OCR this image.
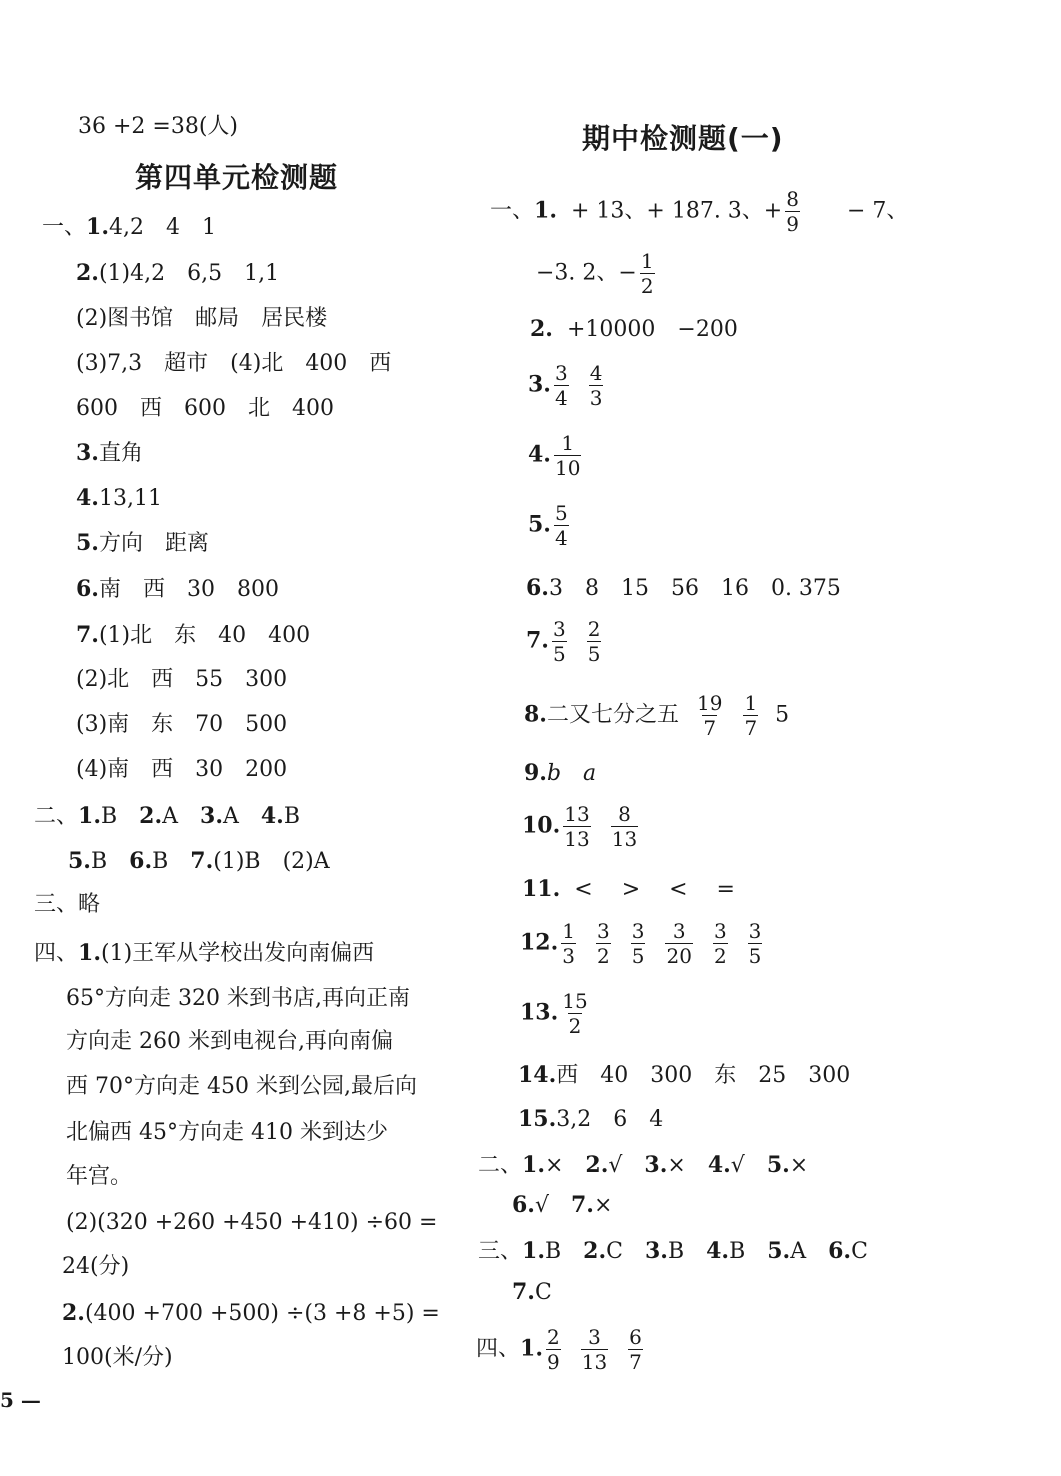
36 +2 =38(人)
第四单元检测题
一、1.4,2　4　1
2.(1)4,2　6,5　1,1
(2)图书馆　邮局　居民楼
(3)7,3　超市　(4)北　400　西
600　西　600　北　400
3.直角
4.13,11
5.方向　距离
6.南　西　30　800
7.(1)北　东　40　400
(2)北　西　55　300
(3)南　东　70　500
(4)南　西　30　200
二、1.B 2.A 3.A 4.B
5.B 6.B 7.(1)B　(2)A
三、略
四、1.(1)王军从学校出发向南偏西
65°方向走 320 米到书店,再向正南
方向走 260 米到电视台,再向南偏
西 70°方向走 450 米到公园,最后向
北偏西 45°方向走 410 米到达少
年宫。
(2)(320 +260 +450 +410) ÷60 =
24(分)
2.(400 +700 +500) ÷(3 +8 +5) =
100(米/分)
5 —
期中检测题(一)
一、1. + 13、+ 187. 3、+ $\frac{8}{9} - 7$、
−3. 2、− $\frac{1}{2}$
2. +10000　−200
3. $\frac{3}{4} \frac{4}{3}$
4. $\frac{1}{10}$
5. $\frac{5}{4}$
6.3　8　15　56　16　0. 375
7. $\frac{3}{5} \frac{2}{5}$
8.二又七分之五 $\frac{19}{7} \frac{1}{7} 5$
9.b　a
10. $\frac{13}{13} \frac{8}{13}$
11. <　 >　 <　 =
12. $\frac{1}{3} \frac{3}{2} \frac{3}{5} \frac{3}{20} \frac{3}{2} \frac{3}{5}$
13. $\frac{15}{2}$
14.西　40　300　东　25　300
15.3,2　6　4
二、1.× 2.√ 3.× 4.√ 5.×
6.√ 7.×
三、1.B 2.C 3.B 4.B 5.A 6.C
7.C
四、1. $\frac{2}{9} \frac{3}{13} \frac{6}{7}$
